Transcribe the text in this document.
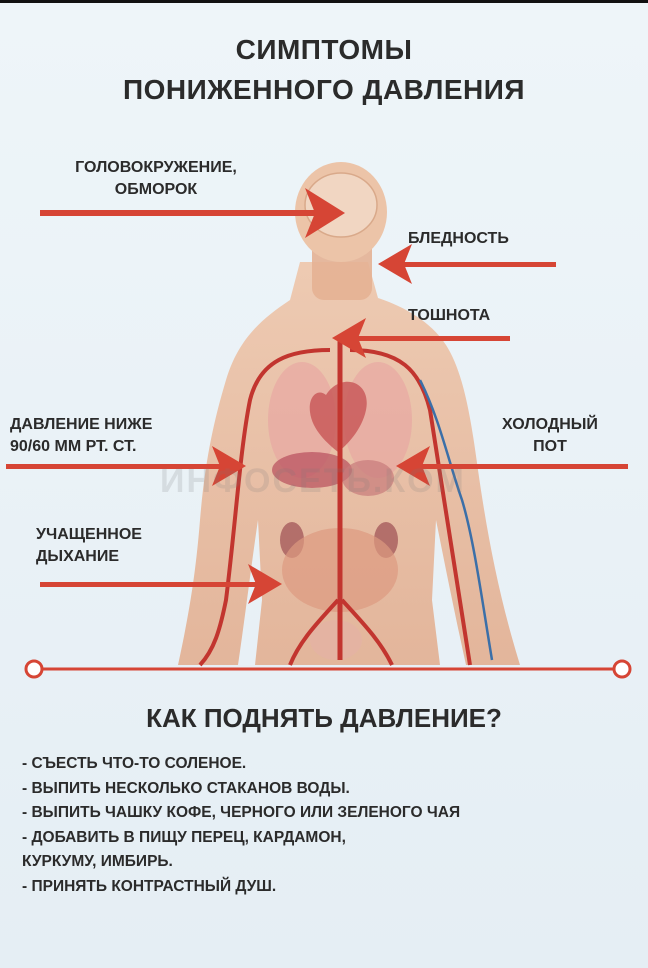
СИМПТОМЫ
ПОНИЖЕННОГО ДАВЛЕНИЯ
ИНФОСЕТЬ.КОМ
ГОЛОВОКРУЖЕНИЕ,
ОБМОРОК
БЛЕДНОСТЬ
ТОШНОТА
ДАВЛЕНИЕ НИЖЕ
90/60 ММ РТ. СТ.
ХОЛОДНЫЙ
ПОТ
УЧАЩЕННОЕ
ДЫХАНИЕ
КАК ПОДНЯТЬ ДАВЛЕНИЕ?
- СЪЕСТЬ ЧТО-ТО СОЛЕНОЕ.
- ВЫПИТЬ НЕСКОЛЬКО СТАКАНОВ ВОДЫ.
- ВЫПИТЬ ЧАШКУ КОФЕ, ЧЕРНОГО ИЛИ ЗЕЛЕНОГО ЧАЯ
- ДОБАВИТЬ В ПИЩУ ПЕРЕЦ, КАРДАМОН,
КУРКУМУ, ИМБИРЬ.
- ПРИНЯТЬ КОНТРАСТНЫЙ ДУШ.
